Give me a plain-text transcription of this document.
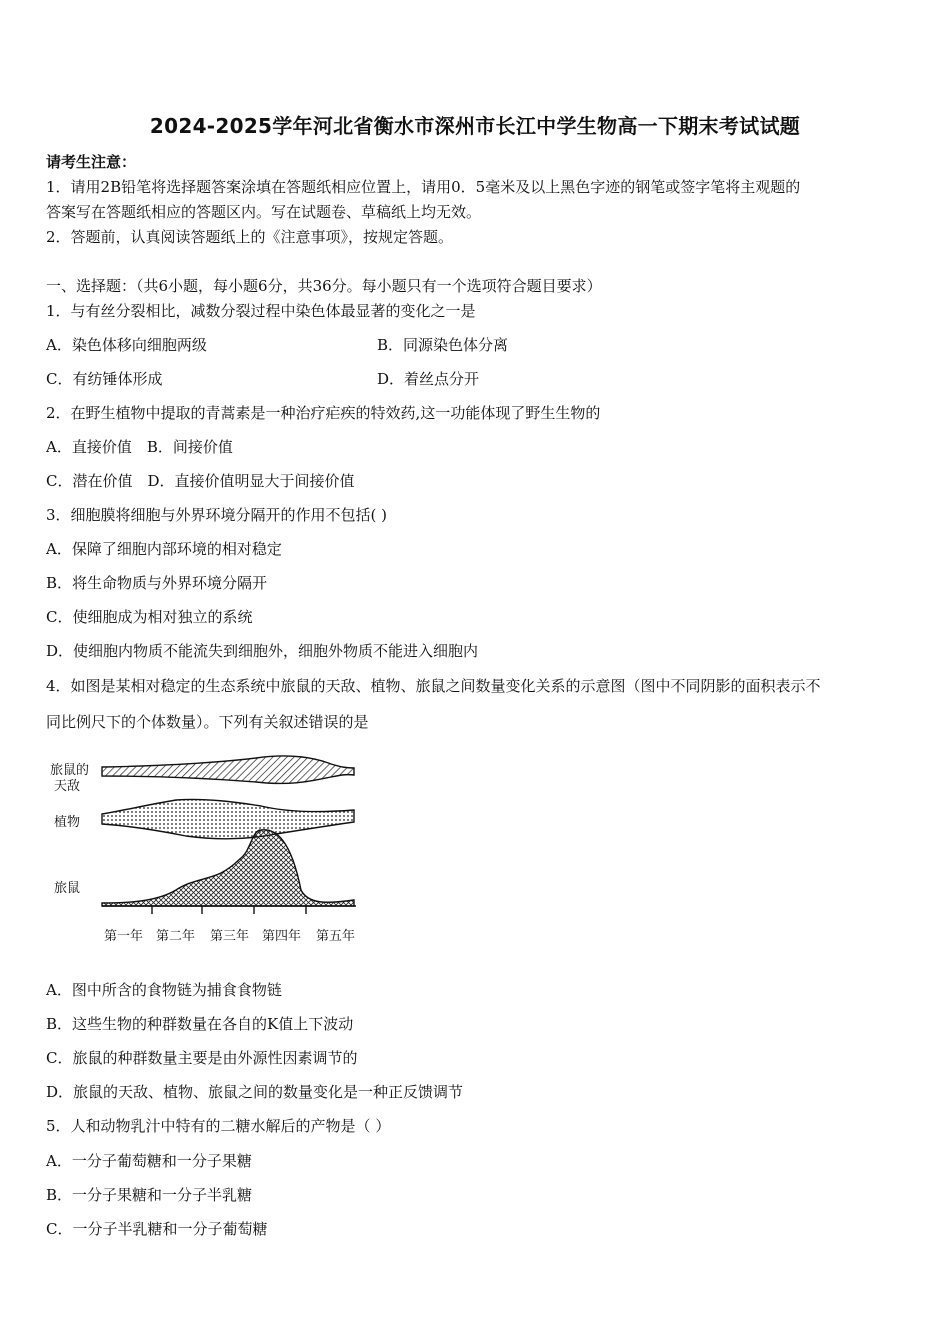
2024-2025学年河北省衡水市深州市长江中学生物高一下期末考试试题
请考生注意：
1．请用2B铅笔将选择题答案涂填在答题纸相应位置上，请用0．5毫米及以上黑色字迹的钢笔或签字笔将主观题的
答案写在答题纸相应的答题区内。写在试题卷、草稿纸上均无效。
2．答题前，认真阅读答题纸上的《注意事项》，按规定答题。
一、选择题：（共6小题，每小题6分，共36分。每小题只有一个选项符合题目要求）
1．与有丝分裂相比，减数分裂过程中染色体最显著的变化之一是
A．染色体移向细胞两级	B．同源染色体分离
C．有纺锤体形成	D．着丝点分开
2．在野生植物中提取的青蒿素是一种治疗疟疾的特效药,这一功能体现了野生生物的
A．直接价值　B．间接价值
C．潜在价值　D．直接价值明显大于间接价值
3．细胞膜将细胞与外界环境分隔开的作用不包括( )
A．保障了细胞内部环境的相对稳定
B．将生命物质与外界环境分隔开
C．使细胞成为相对独立的系统
D．使细胞内物质不能流失到细胞外，细胞外物质不能进入细胞内
4．如图是某相对稳定的生态系统中旅鼠的天敌、植物、旅鼠之间数量变化关系的示意图（图中不同阴影的面积表示不
同比例尺下的个体数量）。下列有关叙述错误的是
旅鼠的
天敌
植物
旅鼠
第一年 第二年 第三年 第四年 第五年
A．图中所含的食物链为捕食食物链
B．这些生物的种群数量在各自的K值上下波动
C．旅鼠的种群数量主要是由外源性因素调节的
D．旅鼠的天敌、植物、旅鼠之间的数量变化是一种正反馈调节
5．人和动物乳汁中特有的二糖水解后的产物是（ ）
A．一分子葡萄糖和一分子果糖
B．一分子果糖和一分子半乳糖
C．一分子半乳糖和一分子葡萄糖
